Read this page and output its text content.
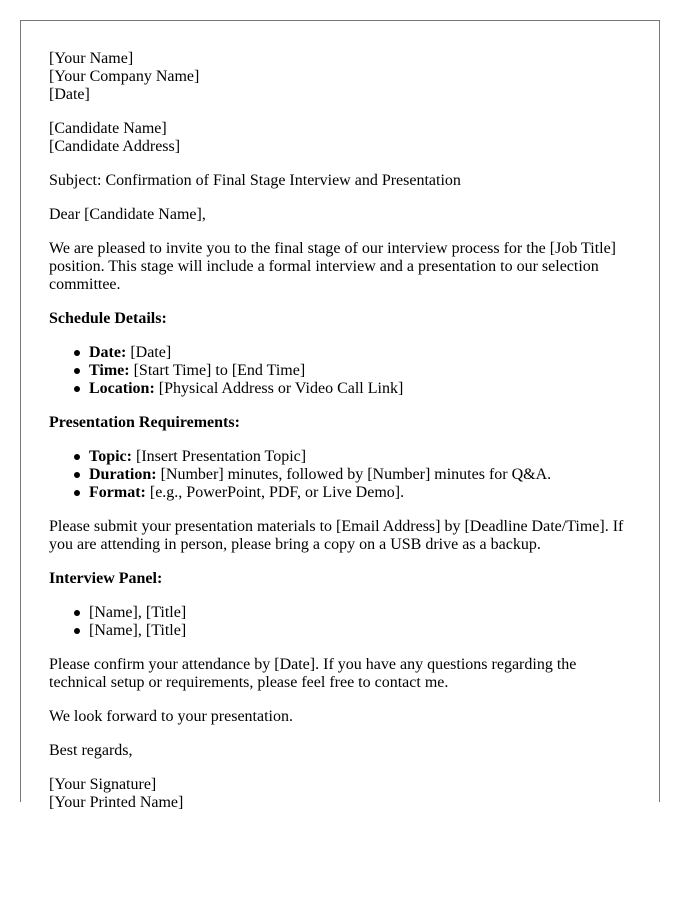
[Your Name]
[Your Company Name]
[Date]
[Candidate Name]
[Candidate Address]

Subject: Confirmation of Final Stage Interview and Presentation

Dear [Candidate Name],

We are pleased to invite you to the final stage of our interview process for the [Job Title] position. This stage will include a formal interview and a presentation to our selection committee.

Schedule Details:

Date: [Date]
Time: [Start Time] to [End Time]
Location: [Physical Address or Video Call Link]

Presentation Requirements:

Topic: [Insert Presentation Topic]
Duration: [Number] minutes, followed by [Number] minutes for Q&A.
Format: [e.g., PowerPoint, PDF, or Live Demo].

Please submit your presentation materials to [Email Address] by [Deadline Date/Time]. If you are attending in person, please bring a copy on a USB drive as a backup.

Interview Panel:

[Name], [Title]
[Name], [Title]

Please confirm your attendance by [Date]. If you have any questions regarding the technical setup or requirements, please feel free to contact me.

We look forward to your presentation.

Best regards,

[Your Signature]
[Your Printed Name]
